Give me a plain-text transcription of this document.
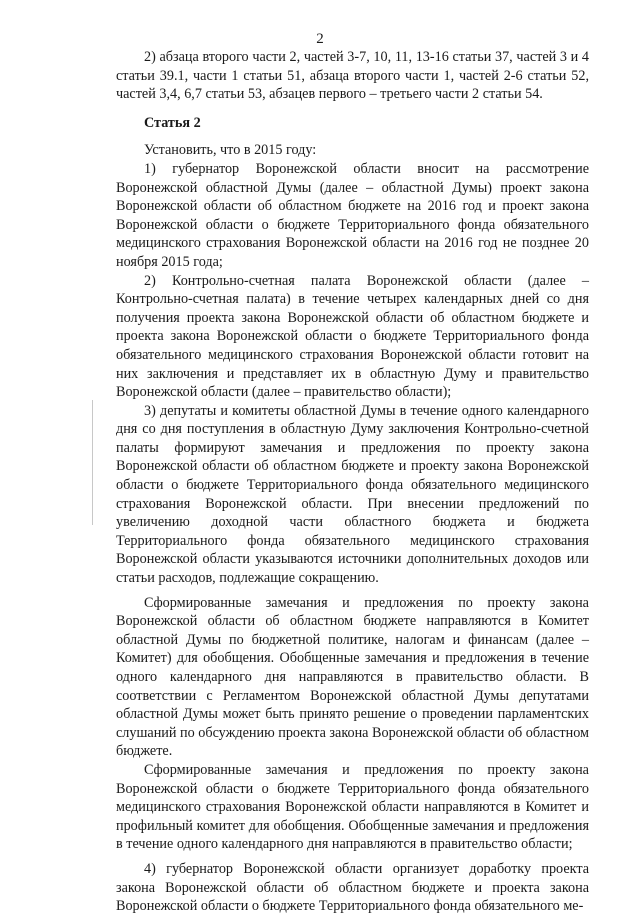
2

2) абзаца второго части 2, частей 3-7, 10, 11, 13-16 статьи 37, частей 3 и 4 статьи 39.1, части 1 статьи 51, абзаца второго части 1, частей 2-6 статьи 52, частей 3,4, 6,7 статьи 53, абзацев первого – третьего части 2 статьи 54.

Статья 2

Установить, что в 2015 году:

1) губернатор Воронежской области вносит на рассмотрение Воронежской областной Думы (далее – областной Думы) проект закона Воронежской области об областном бюджете на 2016 год и проект закона Воронежской области о бюджете Территориального фонда обязательного медицинского страхования Воронежской области на 2016 год не позднее 20 ноября 2015 года;

2) Контрольно-счетная палата Воронежской области (далее – Контрольно-счетная палата) в течение четырех календарных дней со дня получения проекта закона Воронежской области об областном бюджете и проекта закона Воронежской области о бюджете Территориального фонда обязательного медицинского страхования Воронежской области готовит на них заключения и представляет их в областную Думу и правительство Воронежской области (далее – правительство области);

3) депутаты и комитеты областной Думы в течение одного календарного дня со дня поступления в областную Думу заключения Контрольно-счетной палаты формируют замечания и предложения по проекту закона Воронежской области об областном бюджете и проекту закона Воронежской области о бюджете Территориального фонда обязательного медицинского страхования Воронежской области. При внесении предложений по увеличению доходной части областного бюджета и бюджета Территориального фонда обязательного медицинского страхования Воронежской области указываются источники дополнительных доходов или статьи расходов, подлежащие сокращению.

Сформированные замечания и предложения по проекту закона Воронежской области об областном бюджете направляются в Комитет областной Думы по бюджетной политике, налогам и финансам (далее – Комитет) для обобщения. Обобщенные замечания и предложения в течение одного календарного дня направляются в правительство области. В соответствии с Регламентом Воронежской областной Думы депутатами областной Думы может быть принято решение о проведении парламентских слушаний по обсуждению проекта закона Воронежской области об областном бюджете.

Сформированные замечания и предложения по проекту закона Воронежской области о бюджете Территориального фонда обязательного медицинского страхования Воронежской области направляются в Комитет и профильный комитет для обобщения. Обобщенные замечания и предложения в течение одного календарного дня направляются в правительство области;

4) губернатор Воронежской области организует доработку проекта закона Воронежской области об областном бюджете и проекта закона Воронежской области о бюджете Территориального фонда обязательного ме-
